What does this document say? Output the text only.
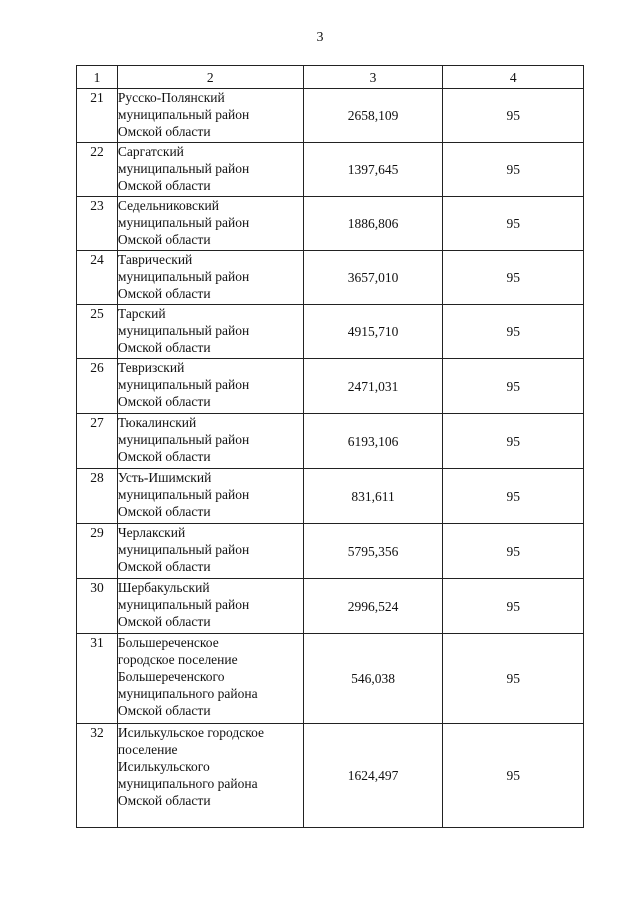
3
1	2	3	4
21	Русско-Полянский
муниципальный район
Омской области	2658,109	95
22	Саргатский
муниципальный район
Омской области	1397,645	95
23	Седельниковский
муниципальный район
Омской области	1886,806	95
24	Таврический
муниципальный район
Омской области	3657,010	95
25	Тарский
муниципальный район
Омской области	4915,710	95
26	Тевризский
муниципальный район
Омской области	2471,031	95
27	Тюкалинский
муниципальный район
Омской области	6193,106	95
28	Усть-Ишимский
муниципальный район
Омской области	831,611	95
29	Черлакский
муниципальный район
Омской области	5795,356	95
30	Шербакульский
муниципальный район
Омской области	2996,524	95
31	Большереченское
городское поселение
Большереченского
муниципального района
Омской области	546,038	95
32	Исилькульское городское
поселение
Исилькульского
муниципального района
Омской области	1624,497	95
